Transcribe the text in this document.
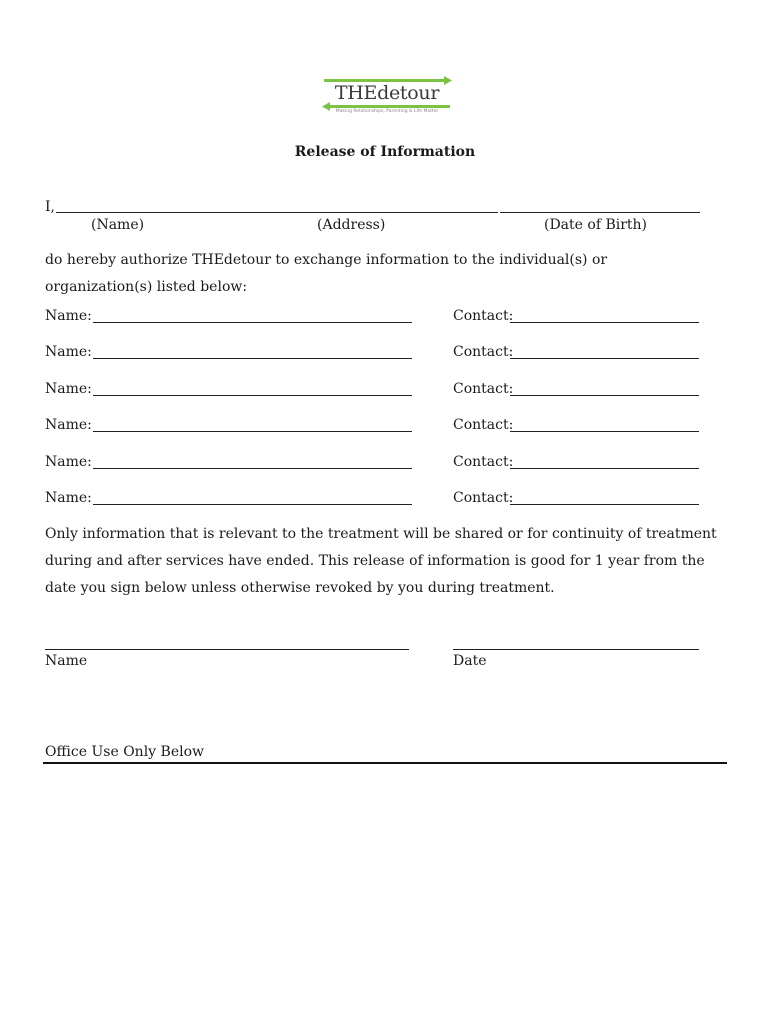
THEdetour
Making Relationships, Parenting & Life Matter
Release of Information
I,
(Name)	(Address)	(Date of Birth)
do hereby authorize THEdetour to exchange information to the individual(s) or organization(s) listed below:
Name:	Contact:
Name:	Contact:
Name:	Contact:
Name:	Contact:
Name:	Contact:
Name:	Contact:
Only information that is relevant to the treatment will be shared or for continuity of treatment during and after services have ended. This release of information is good for 1 year from the date you sign below unless otherwise revoked by you during treatment.
Name	Date
Office Use Only Below
